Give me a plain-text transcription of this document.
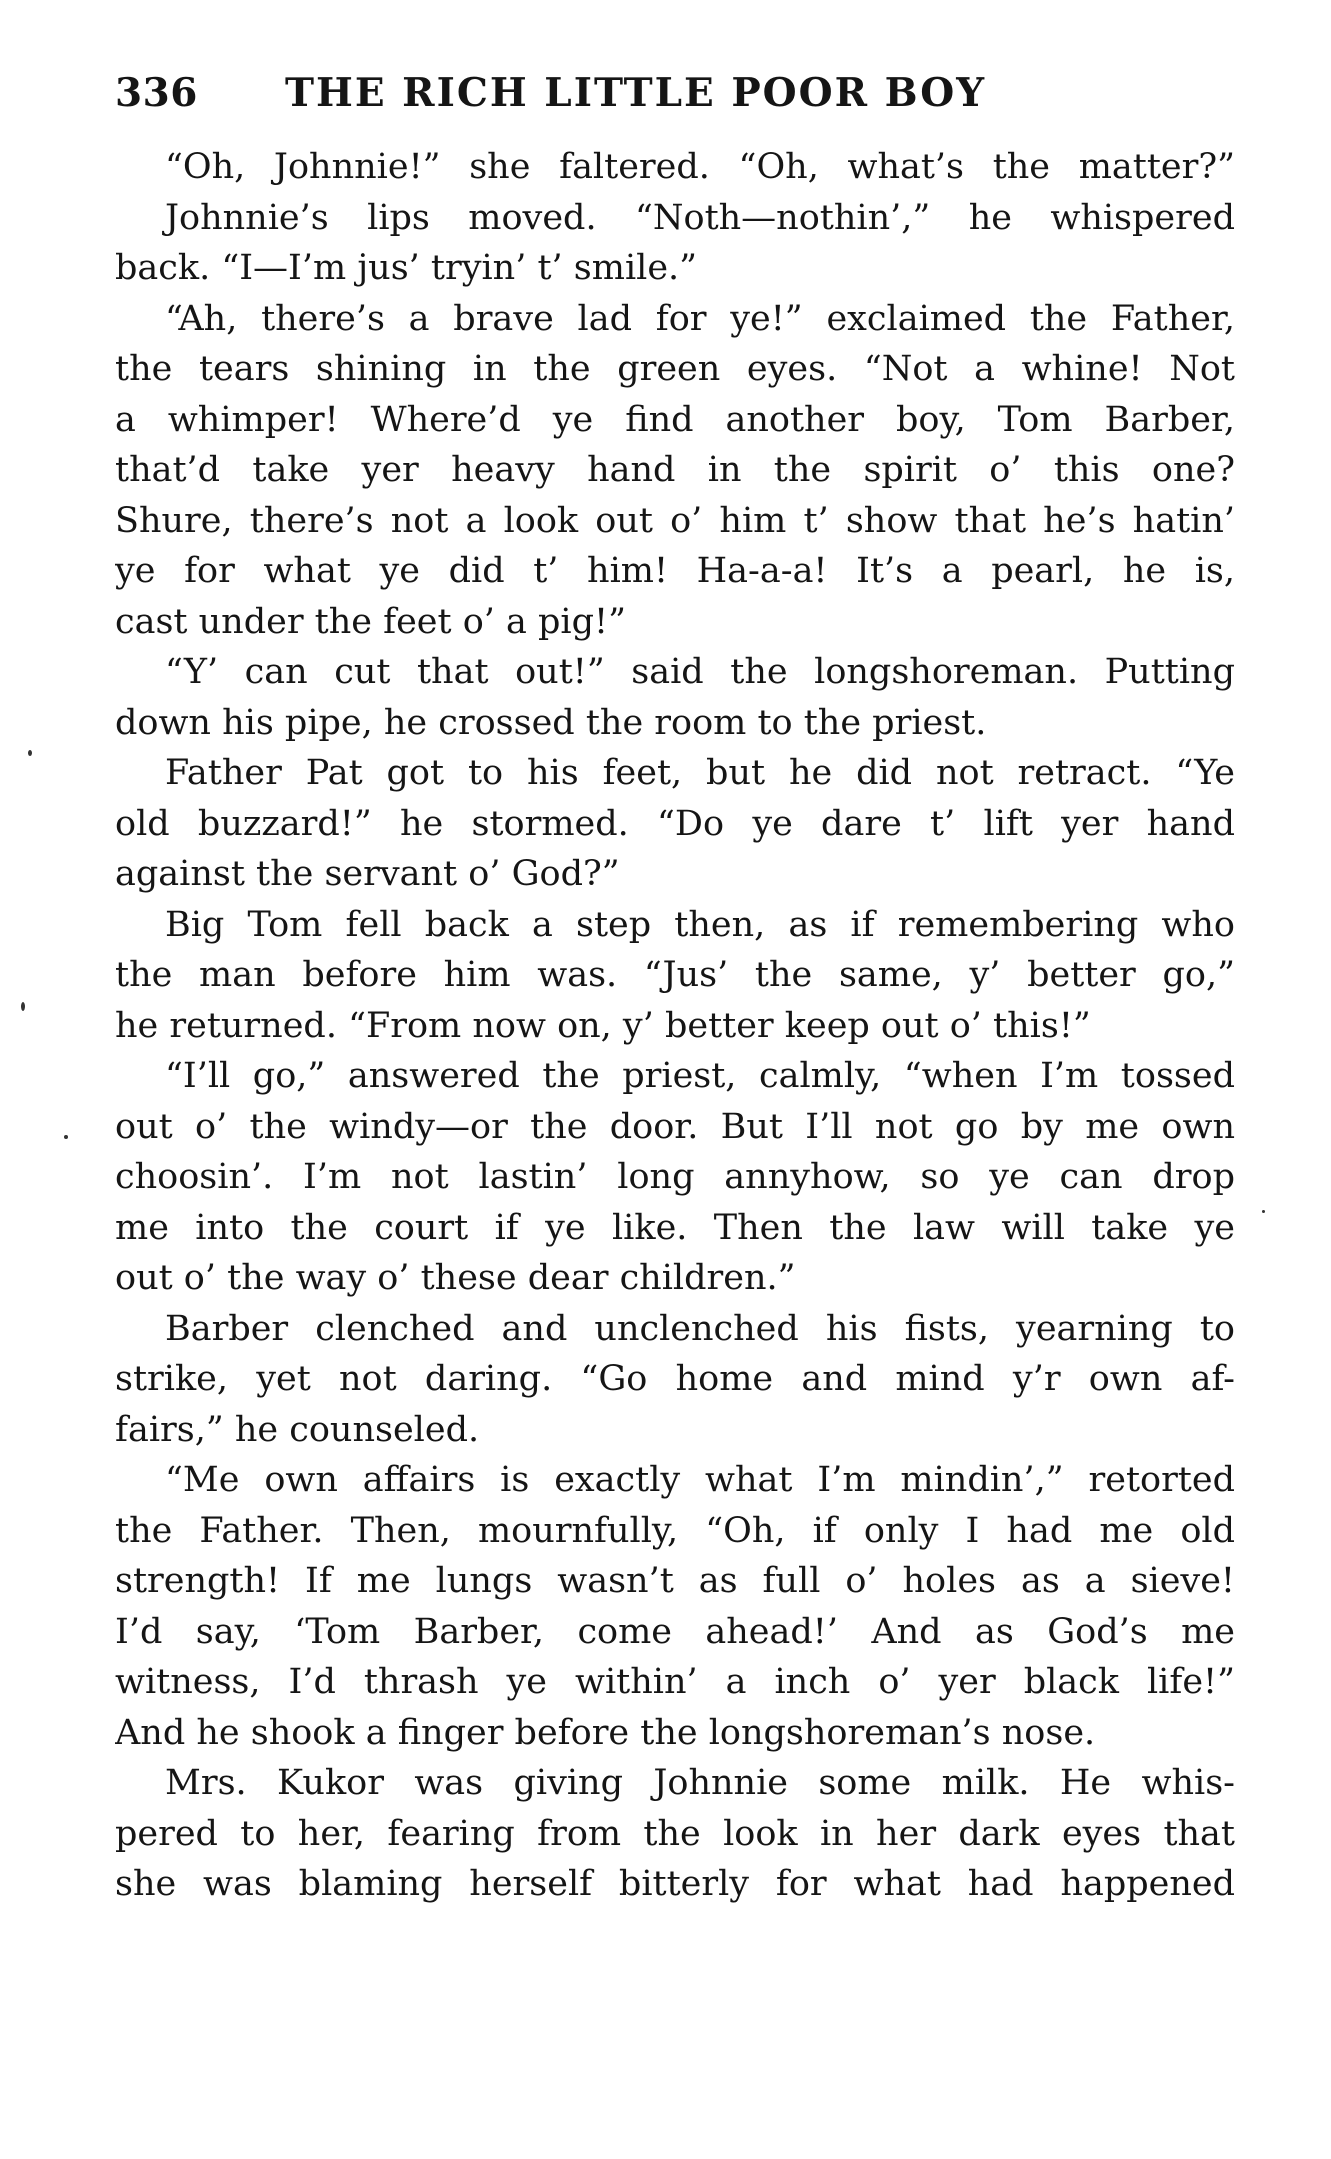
336 THE RICH LITTLE POOR BOY
“Oh, Johnnie!” she faltered. “Oh, what’s the matter?”
Johnnie’s lips moved. “Noth—nothin’,” he whispered
back. “I—I’m jus’ tryin’ t’ smile.”
“Ah, there’s a brave lad for ye!” exclaimed the Father,
the tears shining in the green eyes. “Not a whine! Not
a whimper! Where’d ye find another boy, Tom Barber,
that’d take yer heavy hand in the spirit o’ this one?
Shure, there’s not a look out o’ him t’ show that he’s hatin’
ye for what ye did t’ him! Ha-a-a! It’s a pearl, he is,
cast under the feet o’ a pig!”
“Y’ can cut that out!” said the longshoreman. Putting
down his pipe, he crossed the room to the priest.
Father Pat got to his feet, but he did not retract. “Ye
old buzzard!” he stormed. “Do ye dare t’ lift yer hand
against the servant o’ God?”
Big Tom fell back a step then, as if remembering who
the man before him was. “Jus’ the same, y’ better go,”
he returned. “From now on, y’ better keep out o’ this!”
“I’ll go,” answered the priest, calmly, “when I’m tossed
out o’ the windy—or the door. But I’ll not go by me own
choosin’. I’m not lastin’ long annyhow, so ye can drop
me into the court if ye like. Then the law will take ye
out o’ the way o’ these dear children.”
Barber clenched and unclenched his fists, yearning to
strike, yet not daring. “Go home and mind y’r own af-
fairs,” he counseled.
“Me own affairs is exactly what I’m mindin’,” retorted
the Father. Then, mournfully, “Oh, if only I had me old
strength! If me lungs wasn’t as full o’ holes as a sieve!
I’d say, ‘Tom Barber, come ahead!’ And as God’s me
witness, I’d thrash ye within’ a inch o’ yer black life!”
And he shook a finger before the longshoreman’s nose.
Mrs. Kukor was giving Johnnie some milk. He whis-
pered to her, fearing from the look in her dark eyes that
she was blaming herself bitterly for what had happened
